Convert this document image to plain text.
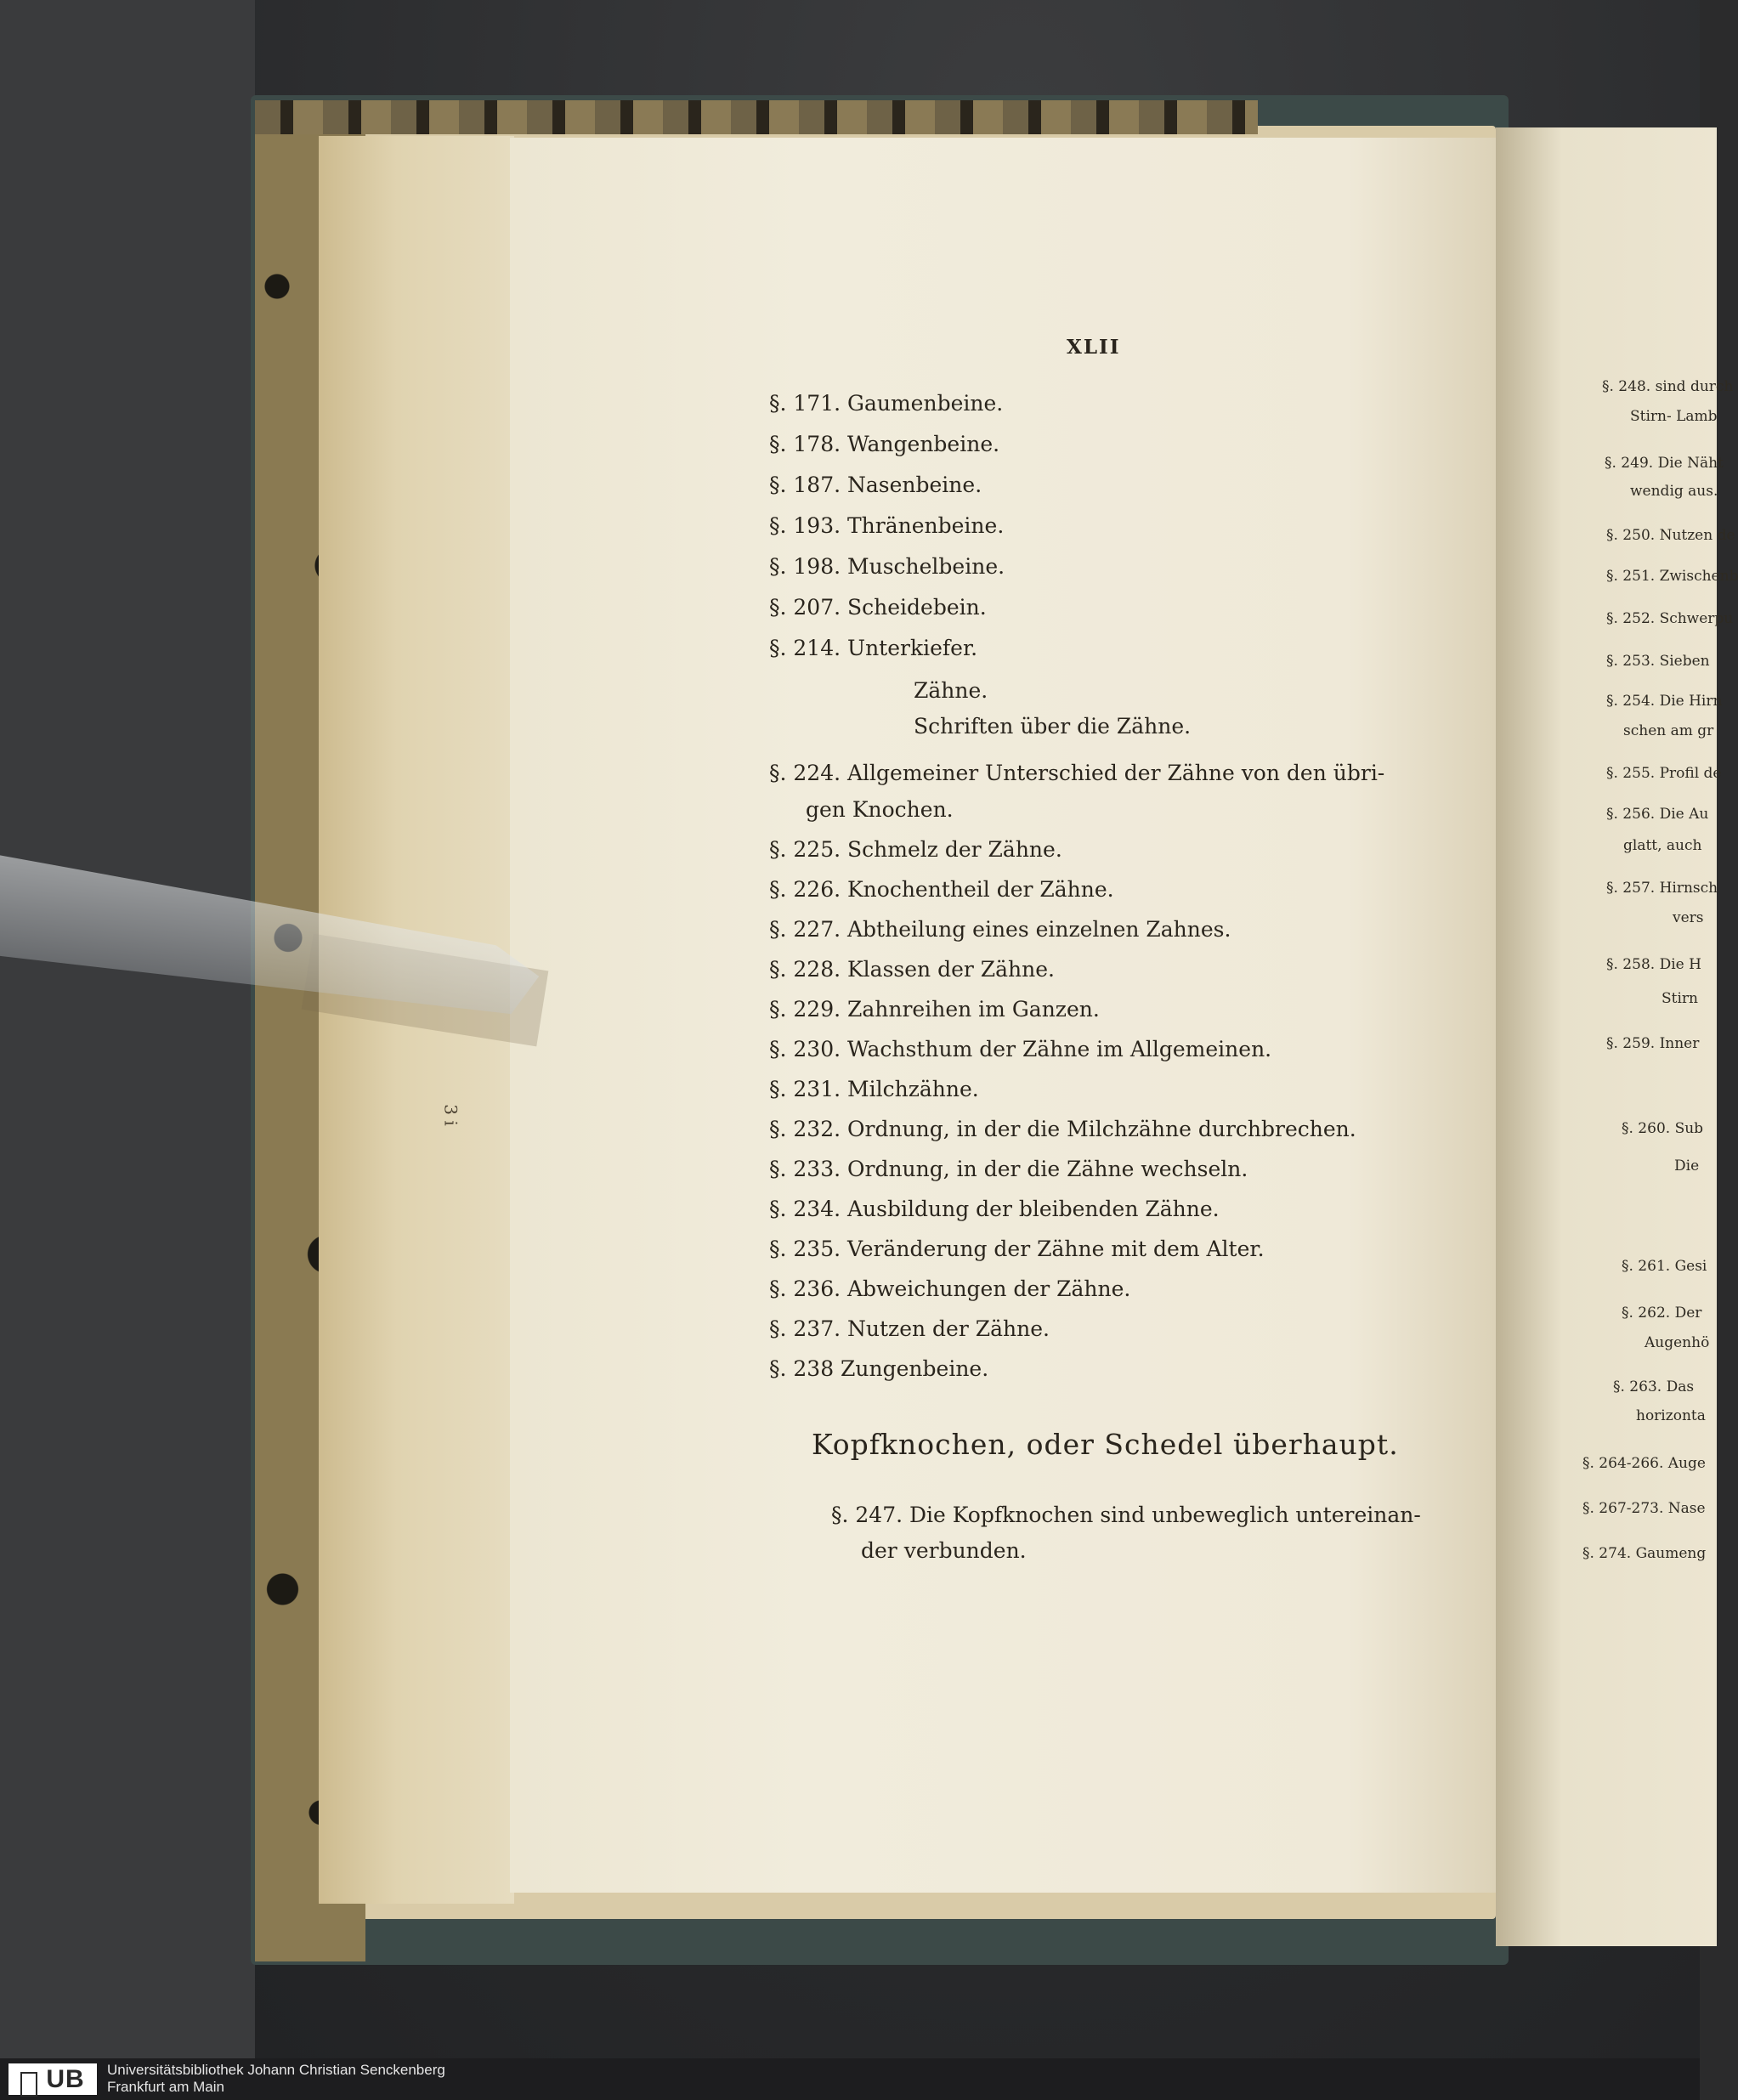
XLII
§. 171. Gaumenbeine.
§. 178. Wangenbeine.
§. 187. Nasenbeine.
§. 193. Thränenbeine.
§. 198. Muschelbeine.
§. 207. Scheidebein.
§. 214. Unterkiefer.
Zähne.
Schriften über die Zähne.
§. 224. Allgemeiner Unterschied der Zähne von den übri-
gen Knochen.
§. 225. Schmelz der Zähne.
§. 226. Knochentheil der Zähne.
§. 227. Abtheilung eines einzelnen Zahnes.
§. 228. Klassen der Zähne.
§. 229. Zahnreihen im Ganzen.
§. 230. Wachsthum der Zähne im Allgemeinen.
§. 231. Milchzähne.
§. 232. Ordnung, in der die Milchzähne durchbrechen.
§. 233. Ordnung, in der die Zähne wechseln.
§. 234. Ausbildung der bleibenden Zähne.
§. 235. Veränderung der Zähne mit dem Alter.
§. 236. Abweichungen der Zähne.
§. 237. Nutzen der Zähne.
§. 238 Zungenbeine.
Kopfknochen, oder Schedel überhaupt.
§. 247. Die Kopfknochen sind unbeweglich untereinan-
der verbunden.
3 i
§. 248. sind durch
Stirn- Lamb
§. 249. Die Näht
wendig aus.
§. 250. Nutzen de
§. 251. Zwischenb
§. 252. Schwerpu
§. 253. Sieben
§. 254. Die Hirn
schen am gr
§. 255. Profil de
§. 256. Die Au
glatt, auch
§. 257. Hirnsch
vers
§. 258. Die H
Stirn
§. 259. Inner
§. 260. Sub
Die
§. 261. Gesi
§. 262. Der
Augenhö
§. 263. Das
horizonta
§. 264-266. Auge
§. 267-273. Nase
§. 274. Gaumeng
UB	Universitätsbibliothek Johann Christian Senckenberg
Frankfurt am Main
